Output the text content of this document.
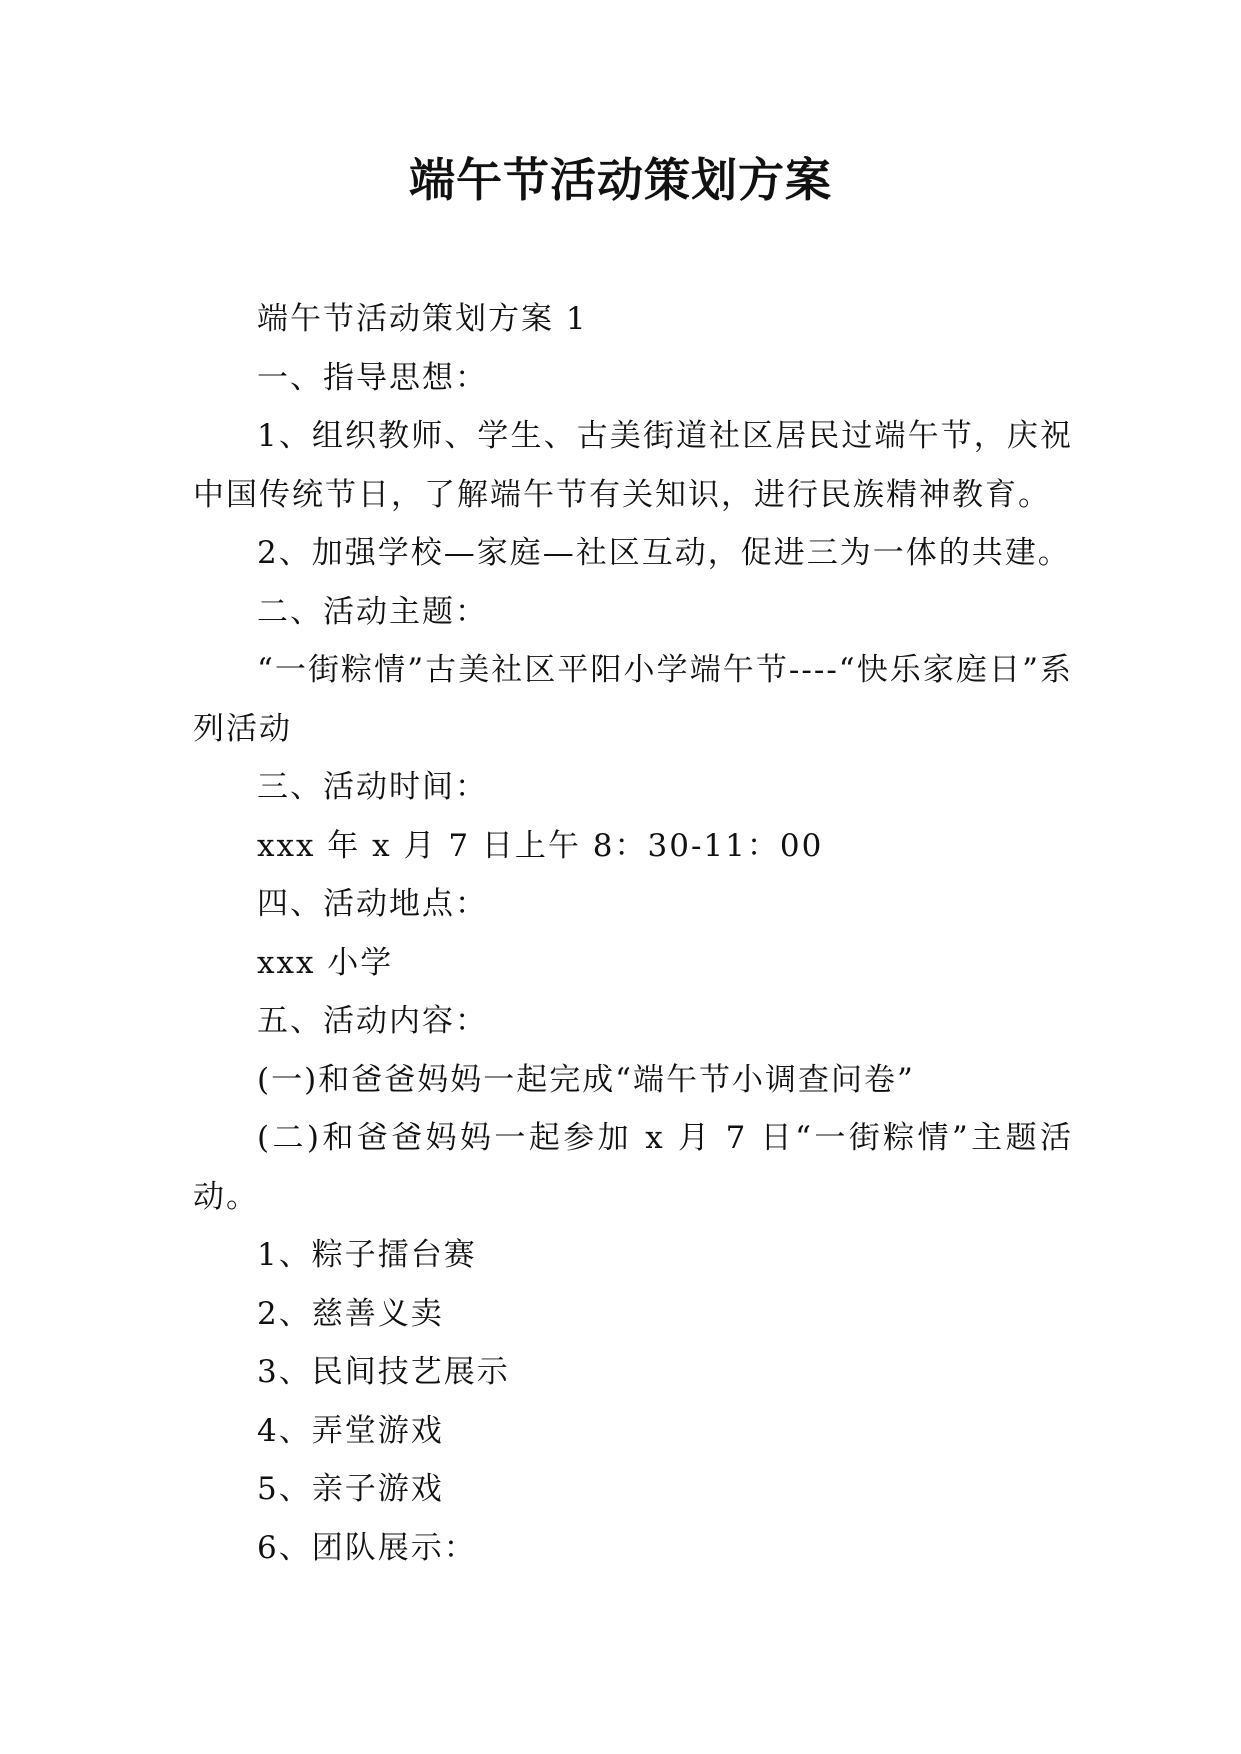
端午节活动策划方案

端午节活动策划方案 1

一、指导思想：

1、组织教师、学生、古美街道社区居民过端午节，庆祝中国传统节日，了解端午节有关知识，进行民族精神教育。

2、加强学校—家庭—社区互动，促进三为一体的共建。

二、活动主题：

“一街粽情”古美社区平阳小学端午节----“快乐家庭日”系列活动

三、活动时间：

xxx 年 x 月 7 日上午 8：30-11：00

四、活动地点：

xxx 小学

五、活动内容：

(一)和爸爸妈妈一起完成“端午节小调查问卷”

(二)和爸爸妈妈一起参加 x 月 7 日“一街粽情”主题活动。

1、粽子擂台赛

2、慈善义卖

3、民间技艺展示

4、弄堂游戏

5、亲子游戏

6、团队展示：
